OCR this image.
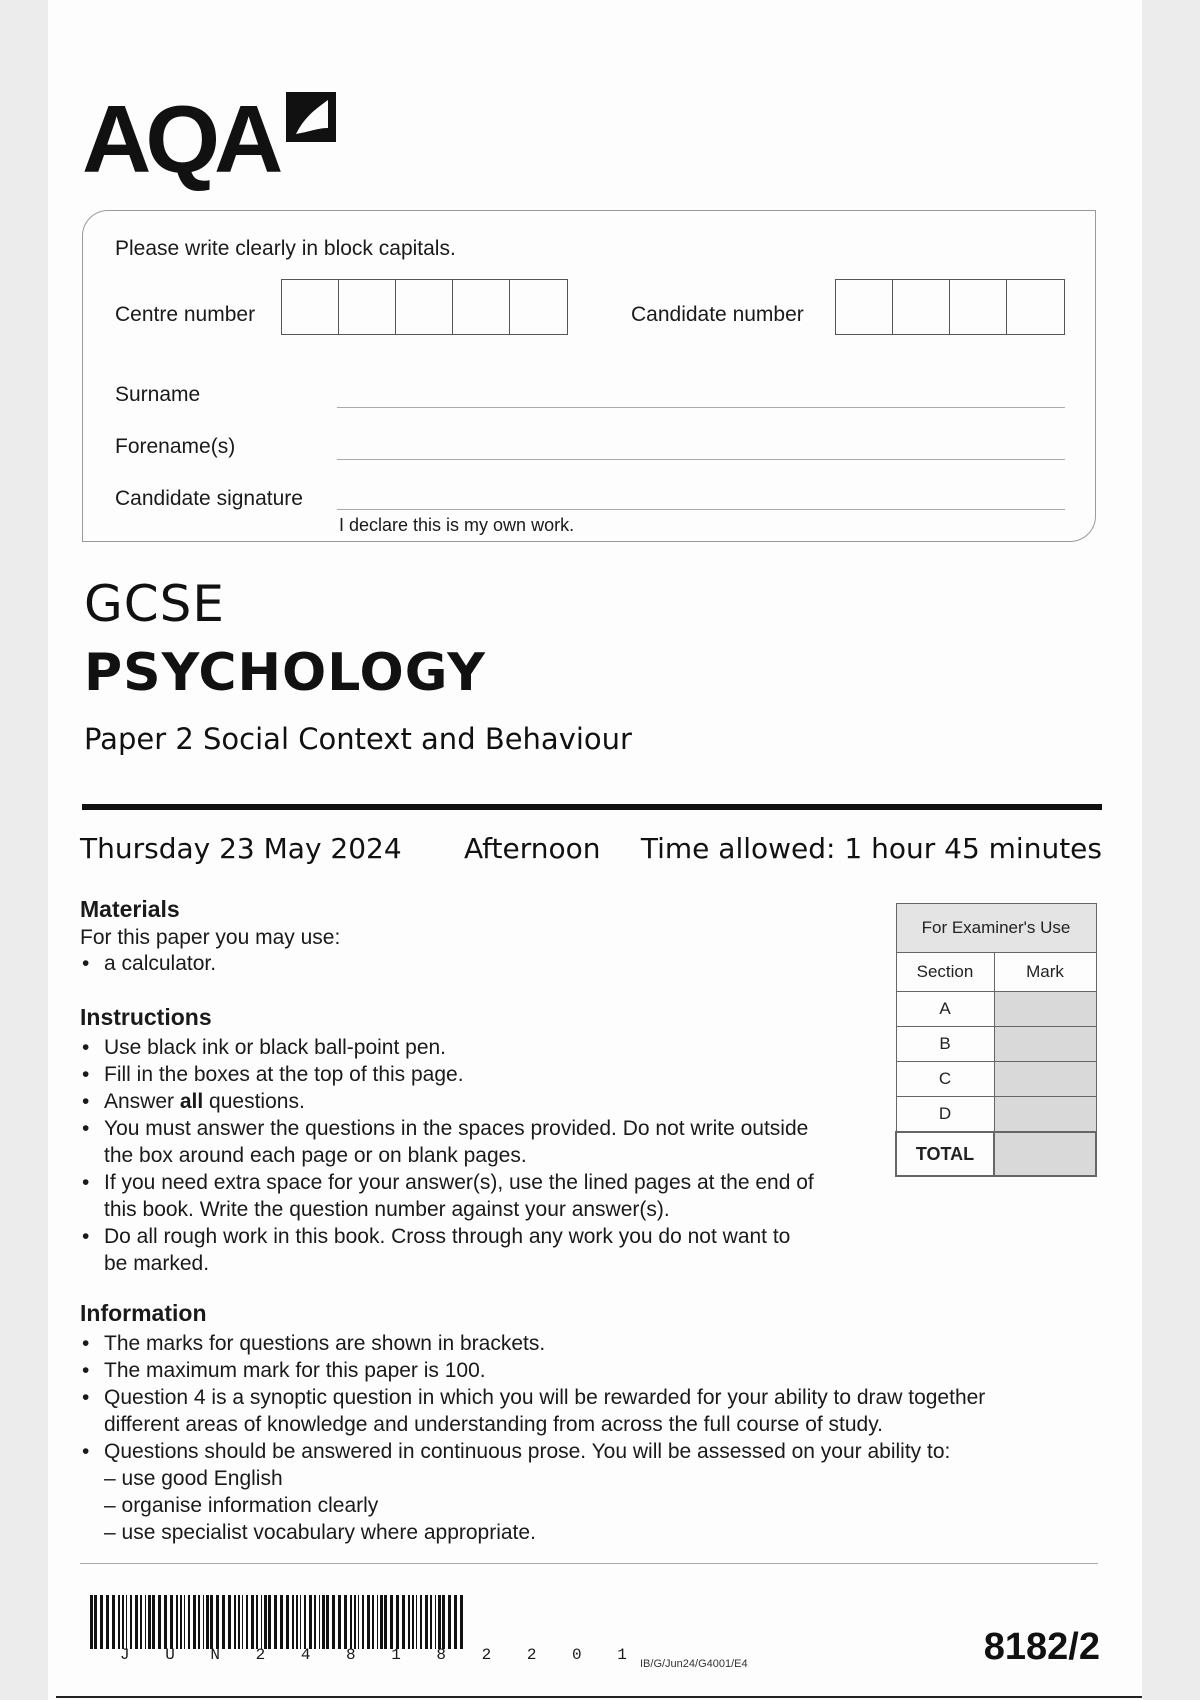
AQA
Please write clearly in block capitals.
Centre number	Candidate number
Surname
Forename(s)
Candidate signature
I declare this is my own work.
GCSE
PSYCHOLOGY
Paper 2 Social Context and Behaviour
Thursday 23 May 2024 Afternoon Time allowed: 1 hour 45 minutes
Materials
For this paper you may use:
• a calculator.
Instructions
• Use black ink or black ball-point pen.
• Fill in the boxes at the top of this page.
• Answer all questions.
• You must answer the questions in the spaces provided. Do not write outside
the box around each page or on blank pages.
• If you need extra space for your answer(s), use the lined pages at the end of
this book. Write the question number against your answer(s).
• Do all rough work in this book. Cross through any work you do not want to
be marked.
Information
• The marks for questions are shown in brackets.
• The maximum mark for this paper is 100.
• Question 4 is a synoptic question in which you will be rewarded for your ability to draw together
different areas of knowledge and understanding from across the full course of study.
• Questions should be answered in continuous prose. You will be assessed on your ability to:
– use good English
– organise information clearly
– use specialist vocabulary where appropriate.
For Examiner's Use	
Section	Mark
A	
B	
C	
D	
TOTAL	
J U N 2 4 8 1 8 2 2 0 1 IB/G/Jun24/G4001/E4	8182/2
